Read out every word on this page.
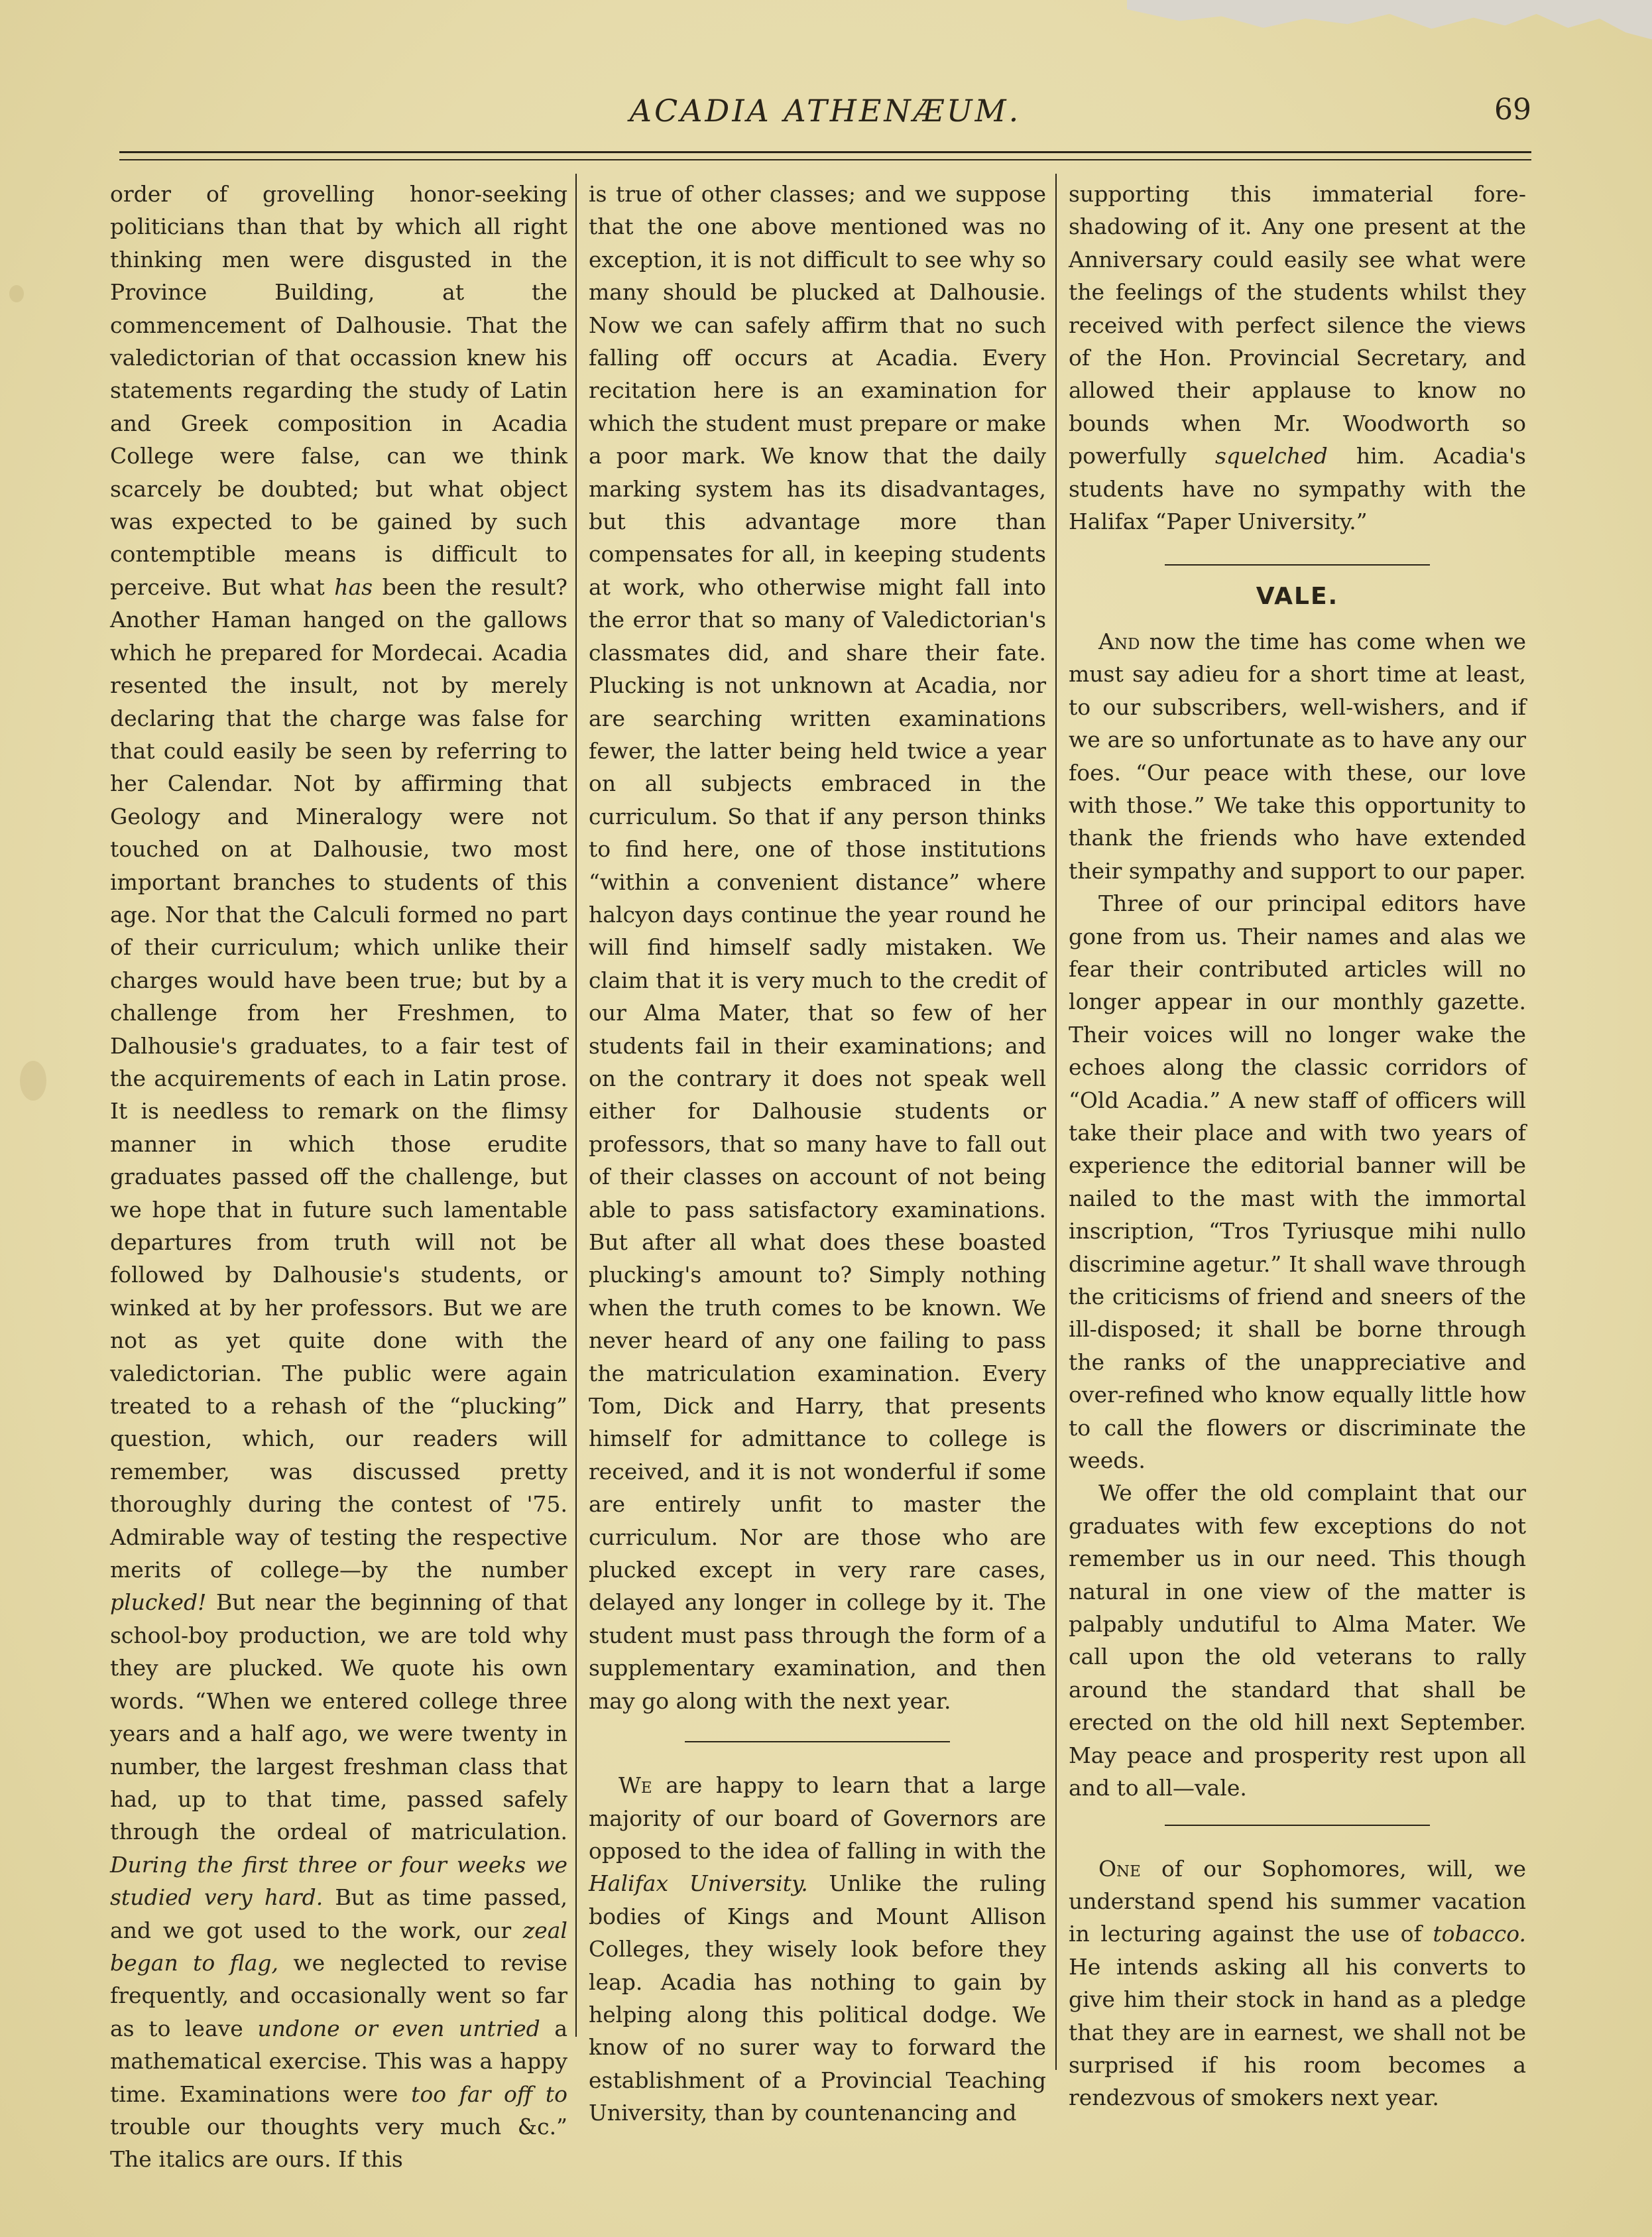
ACADIA ATHENÆUM.	69

order of grovelling honor-seeking politicians than that by which all right thinking men were disgusted in the Province Building, at the commencement of Dalhousie. That the valedictorian of that occassion knew his statements regarding the study of Latin and Greek composition in Acadia College were false, can we think scarcely be doubted; but what object was expected to be gained by such contemptible means is difficult to perceive. But what has been the result? Another Haman hanged on the gallows which he prepared for Mordecai. Acadia resented the insult, not by merely declaring that the charge was false for that could easily be seen by referring to her Calendar. Not by affirming that Geology and Mineralogy were not touched on at Dalhousie, two most important branches to students of this age. Nor that the Calculi formed no part of their curriculum; which unlike their charges would have been true; but by a challenge from her Freshmen, to Dalhousie's graduates, to a fair test of the acquirements of each in Latin prose. It is needless to remark on the flimsy manner in which those erudite graduates passed off the challenge, but we hope that in future such lamentable departures from truth will not be followed by Dalhousie's students, or winked at by her professors. But we are not as yet quite done with the valedictorian. The public were again treated to a rehash of the “plucking” question, which, our readers will remember, was discussed pretty thoroughly during the contest of '75. Admirable way of testing the respective merits of college—by the number plucked! But near the beginning of that school-boy production, we are told why they are plucked. We quote his own words. “When we entered college three years and a half ago, we were twenty in number, the largest freshman class that had, up to that time, passed safely through the ordeal of matriculation. During the first three or four weeks we studied very hard. But as time passed, and we got used to the work, our zeal began to flag, we neglected to revise frequently, and occasionally went so far as to leave undone or even untried a mathematical exercise. This was a happy time. Examinations were too far off to trouble our thoughts very much &c.” The italics are ours. If this

is true of other classes; and we suppose that the one above mentioned was no exception, it is not difficult to see why so many should be plucked at Dalhousie. Now we can safely affirm that no such falling off occurs at Acadia. Every recitation here is an examination for which the student must prepare or make a poor mark. We know that the daily marking system has its disadvantages, but this advantage more than compensates for all, in keeping students at work, who otherwise might fall into the error that so many of Valedictorian's classmates did, and share their fate. Plucking is not unknown at Acadia, nor are searching written examinations fewer, the latter being held twice a year on all subjects embraced in the curriculum. So that if any person thinks to find here, one of those institutions “within a convenient distance” where halcyon days continue the year round he will find himself sadly mistaken. We claim that it is very much to the credit of our Alma Mater, that so few of her students fail in their examinations; and on the contrary it does not speak well either for Dalhousie students or professors, that so many have to fall out of their classes on account of not being able to pass satisfactory examinations. But after all what does these boasted plucking's amount to? Simply nothing when the truth comes to be known. We never heard of any one failing to pass the matriculation examination. Every Tom, Dick and Harry, that presents himself for admittance to college is received, and it is not wonderful if some are entirely unfit to master the curriculum. Nor are those who are plucked except in very rare cases, delayed any longer in college by it. The student must pass through the form of a supplementary examination, and then may go along with the next year.

We are happy to learn that a large majority of our board of Governors are opposed to the idea of falling in with the Halifax University. Unlike the ruling bodies of Kings and Mount Allison Colleges, they wisely look before they leap. Acadia has nothing to gain by helping along this political dodge. We know of no surer way to forward the establishment of a Provincial Teaching University, than by countenancing and

supporting this immaterial fore-shadowing of it. Any one present at the Anniversary could easily see what were the feelings of the students whilst they received with perfect silence the views of the Hon. Provincial Secretary, and allowed their applause to know no bounds when Mr. Woodworth so powerfully squelched him. Acadia's students have no sympathy with the Halifax “Paper University.”

VALE.

And now the time has come when we must say adieu for a short time at least, to our subscribers, well-wishers, and if we are so unfortunate as to have any our foes. “Our peace with these, our love with those.” We take this opportunity to thank the friends who have extended their sympathy and support to our paper.

Three of our principal editors have gone from us. Their names and alas we fear their contributed articles will no longer appear in our monthly gazette. Their voices will no longer wake the echoes along the classic corridors of “Old Acadia.” A new staff of officers will take their place and with two years of experience the editorial banner will be nailed to the mast with the immortal inscription, “Tros Tyriusque mihi nullo discrimine agetur.” It shall wave through the criticisms of friend and sneers of the ill-disposed; it shall be borne through the ranks of the unappreciative and over-refined who know equally little how to call the flowers or discriminate the weeds.

We offer the old complaint that our graduates with few exceptions do not remember us in our need. This though natural in one view of the matter is palpably undutiful to Alma Mater. We call upon the old veterans to rally around the standard that shall be erected on the old hill next September. May peace and prosperity rest upon all and to all—vale.

One of our Sophomores, will, we understand spend his summer vacation in lecturing against the use of tobacco. He intends asking all his converts to give him their stock in hand as a pledge that they are in earnest, we shall not be surprised if his room becomes a rendezvous of smokers next year.
